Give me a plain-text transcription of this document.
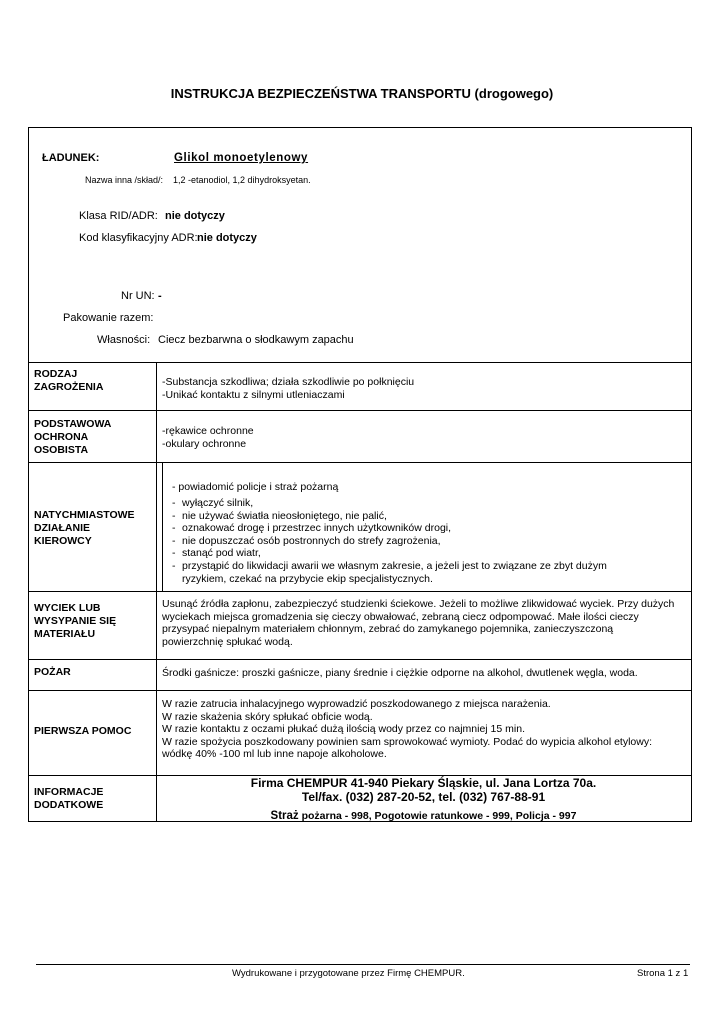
INSTRUKCJA BEZPIECZEŃSTWA TRANSPORTU (drogowego)
ŁADUNEK:	Glikol monoetylenowy
Nazwa inna /skład/: 1,2 -etanodiol, 1,2 dihydroksyetan.
Klasa RID/ADR: nie dotyczy
Kod klasyfikacyjny ADR: nie dotyczy
Nr UN: -
Pakowanie razem:
Własności: Ciecz bezbarwna o słodkawym zapachu
RODZAJ
ZAGROŻENIA	-Substancja szkodliwa; działa szkodliwie po połknięciu
-Unikać kontaktu z silnymi utleniaczami
PODSTAWOWA
OCHRONA
OSOBISTA
-rękawice ochronne
-okulary ochronne
NATYCHMIASTOWE
DZIAŁANIE
KIEROWCY
- powiadomić policje i straż pożarną
- wyłączyć silnik,
- nie używać światła nieosłoniętego, nie palić,
- oznakować drogę i przestrzec innych użytkowników drogi,
- nie dopuszczać osób postronnych do strefy zagrożenia,
- stanąć pod wiatr,
- przystąpić do likwidacji awarii we własnym zakresie, a jeżeli jest to związane ze zbyt dużym
ryzykiem, czekać na przybycie ekip specjalistycznych.
WYCIEK LUB
WYSYPANIE SIĘ
MATERIAŁU
Usunąć źródła zapłonu, zabezpieczyć studzienki ściekowe. Jeżeli to możliwe zlikwidować wyciek. Przy dużych
wyciekach miejsca gromadzenia się cieczy obwałować, zebraną ciecz odpompować. Małe ilości cieczy
przysypać niepalnym materiałem chłonnym, zebrać do zamykanego pojemnika, zanieczyszczoną
powierzchnię spłukać wodą.
POŻAR	Środki gaśnicze: proszki gaśnicze, piany średnie i ciężkie odporne na alkohol, dwutlenek węgla, woda.
PIERWSZA POMOC
W razie zatrucia inhalacyjnego wyprowadzić poszkodowanego z miejsca narażenia.
W razie skażenia skóry spłukać obficie wodą.
W razie kontaktu z oczami płukać dużą ilością wody przez co najmniej 15 min.
W razie spożycia poszkodowany powinien sam sprowokować wymioty. Podać do wypicia alkohol etylowy:
wódkę 40% -100 ml lub inne napoje alkoholowe.
INFORMACJE
DODATKOWE
Firma CHEMPUR 41-940 Piekary Śląskie, ul. Jana Lortza 70a.
Tel/fax. (032) 287-20-52, tel. (032) 767-88-91
Straż pożarna - 998, Pogotowie ratunkowe - 999, Policja - 997
Wydrukowane i przygotowane przez Firmę CHEMPUR.	Strona 1 z 1
